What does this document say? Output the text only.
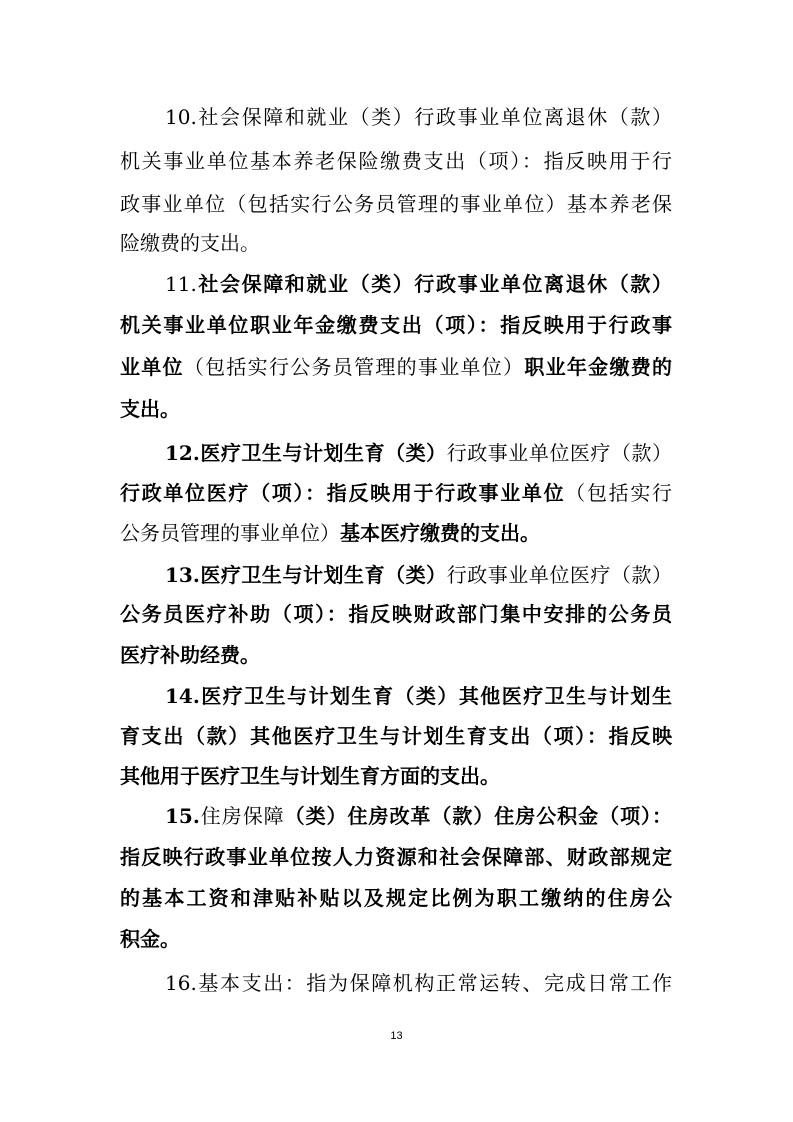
10.社会保障和就业（类）行政事业单位离退休（款）
机关事业单位基本养老保险缴费支出（项）：指反映用于行
政事业单位（包括实行公务员管理的事业单位）基本养老保
险缴费的支出。
11.社会保障和就业（类）行政事业单位离退休（款）
机关事业单位职业年金缴费支出（项）：指反映用于行政事
业单位（包括实行公务员管理的事业单位）职业年金缴费的
支出。
12.医疗卫生与计划生育（类）行政事业单位医疗（款）
行政单位医疗（项）：指反映用于行政事业单位（包括实行
公务员管理的事业单位）基本医疗缴费的支出。
13.医疗卫生与计划生育（类）行政事业单位医疗（款）
公务员医疗补助（项）：指反映财政部门集中安排的公务员
医疗补助经费。
14.医疗卫生与计划生育（类）其他医疗卫生与计划生
育支出（款）其他医疗卫生与计划生育支出（项）：指反映
其他用于医疗卫生与计划生育方面的支出。
15.住房保障（类）住房改革（款）住房公积金（项）：
指反映行政事业单位按人力资源和社会保障部、财政部规定
的基本工资和津贴补贴以及规定比例为职工缴纳的住房公
积金。
16.基本支出：指为保障机构正常运转、完成日常工作
13
